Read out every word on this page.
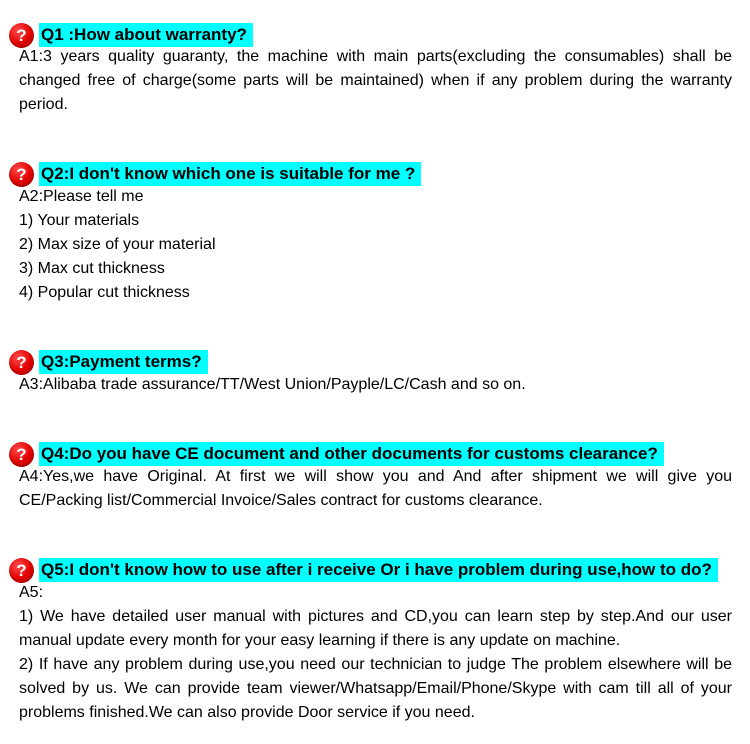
? Q1 :How about warranty?

A1:3 years quality guaranty, the machine with main parts(excluding the consumables) shall be changed free of charge(some parts will be maintained) when if any problem during the warranty period.

? Q2:I don't know which one is suitable for me ?

A2:Please tell me

1) Your materials

2) Max size of your material

3) Max cut thickness

4) Popular cut thickness

? Q3:Payment terms?

A3:Alibaba trade assurance/TT/West Union/Payple/LC/Cash and so on.

? Q4:Do you have CE document and other documents for customs clearance?

A4:Yes,we have Original. At first we will show you and And after shipment we will give you CE/Packing list/Commercial Invoice/Sales contract for customs clearance.

? Q5:I don't know how to use after i receive Or i have problem during use,how to do?

A5:

1) We have detailed user manual with pictures and CD,you can learn step by step.And our user manual update every month for your easy learning if there is any update on machine.

2) If have any problem during use,you need our technician to judge The problem elsewhere will be solved by us. We can provide team viewer/Whatsapp/Email/Phone/Skype with cam till all of your problems finished.We can also provide Door service if you need.
